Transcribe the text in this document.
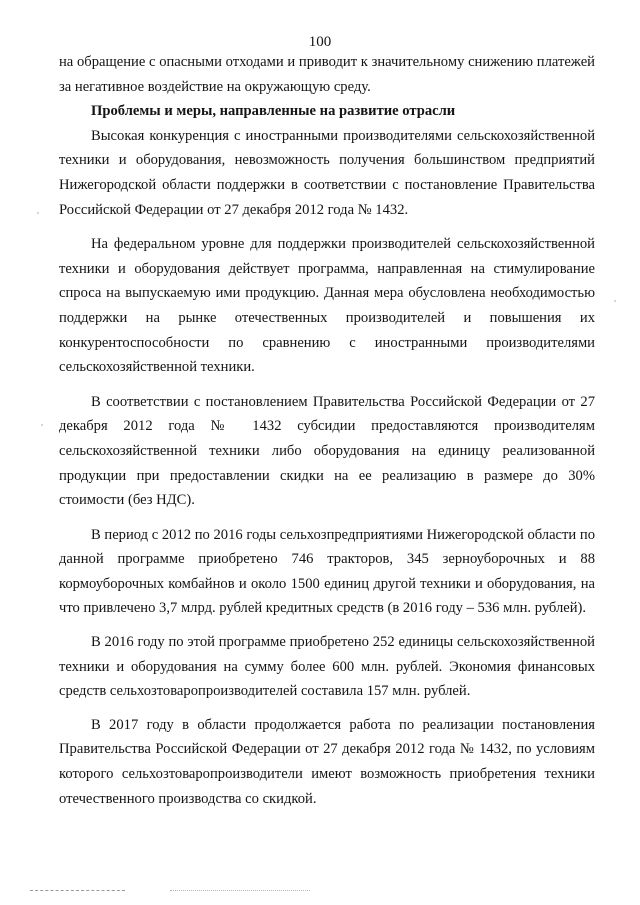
100

на обращение с опасными отходами и приводит к значительному снижению платежей за негативное воздействие на окружающую среду.

Проблемы и меры, направленные на развитие отрасли

Высокая конкуренция с иностранными производителями сельскохозяйственной техники и оборудования, невозможность получения большинством предприятий Нижегородской области поддержки в соответствии с постановление Правительства Российской Федерации от 27 декабря 2012 года № 1432.

На федеральном уровне для поддержки производителей сельскохозяйственной техники и оборудования действует программа, направленная на стимулирование спроса на выпускаемую ими продукцию. Данная мера обусловлена необходимостью поддержки на рынке отечественных производителей и повышения их конкурентоспособности по сравнению с иностранными производителями сельскохозяйственной техники.

В соответствии с постановлением Правительства Российской Федерации от 27 декабря 2012 года № 1432 субсидии предоставляются производителям сельскохозяйственной техники либо оборудования на единицу реализованной продукции при предоставлении скидки на ее реализацию в размере до 30% стоимости (без НДС).

В период с 2012 по 2016 годы сельхозпредприятиями Нижегородской области по данной программе приобретено 746 тракторов, 345 зерноуборочных и 88 кормоуборочных комбайнов и около 1500 единиц другой техники и оборудования, на что привлечено 3,7 млрд. рублей кредитных средств (в 2016 году – 536 млн. рублей).

В 2016 году по этой программе приобретено 252 единицы сельскохозяйственной техники и оборудования на сумму более 600 млн. рублей. Экономия финансовых средств сельхозтоваропроизводителей составила 157 млн. рублей.

В 2017 году в области продолжается работа по реализации постановления Правительства Российской Федерации от 27 декабря 2012 года № 1432, по условиям которого сельхозтоваропроизводители имеют возможность приобретения техники отечественного производства со скидкой.
